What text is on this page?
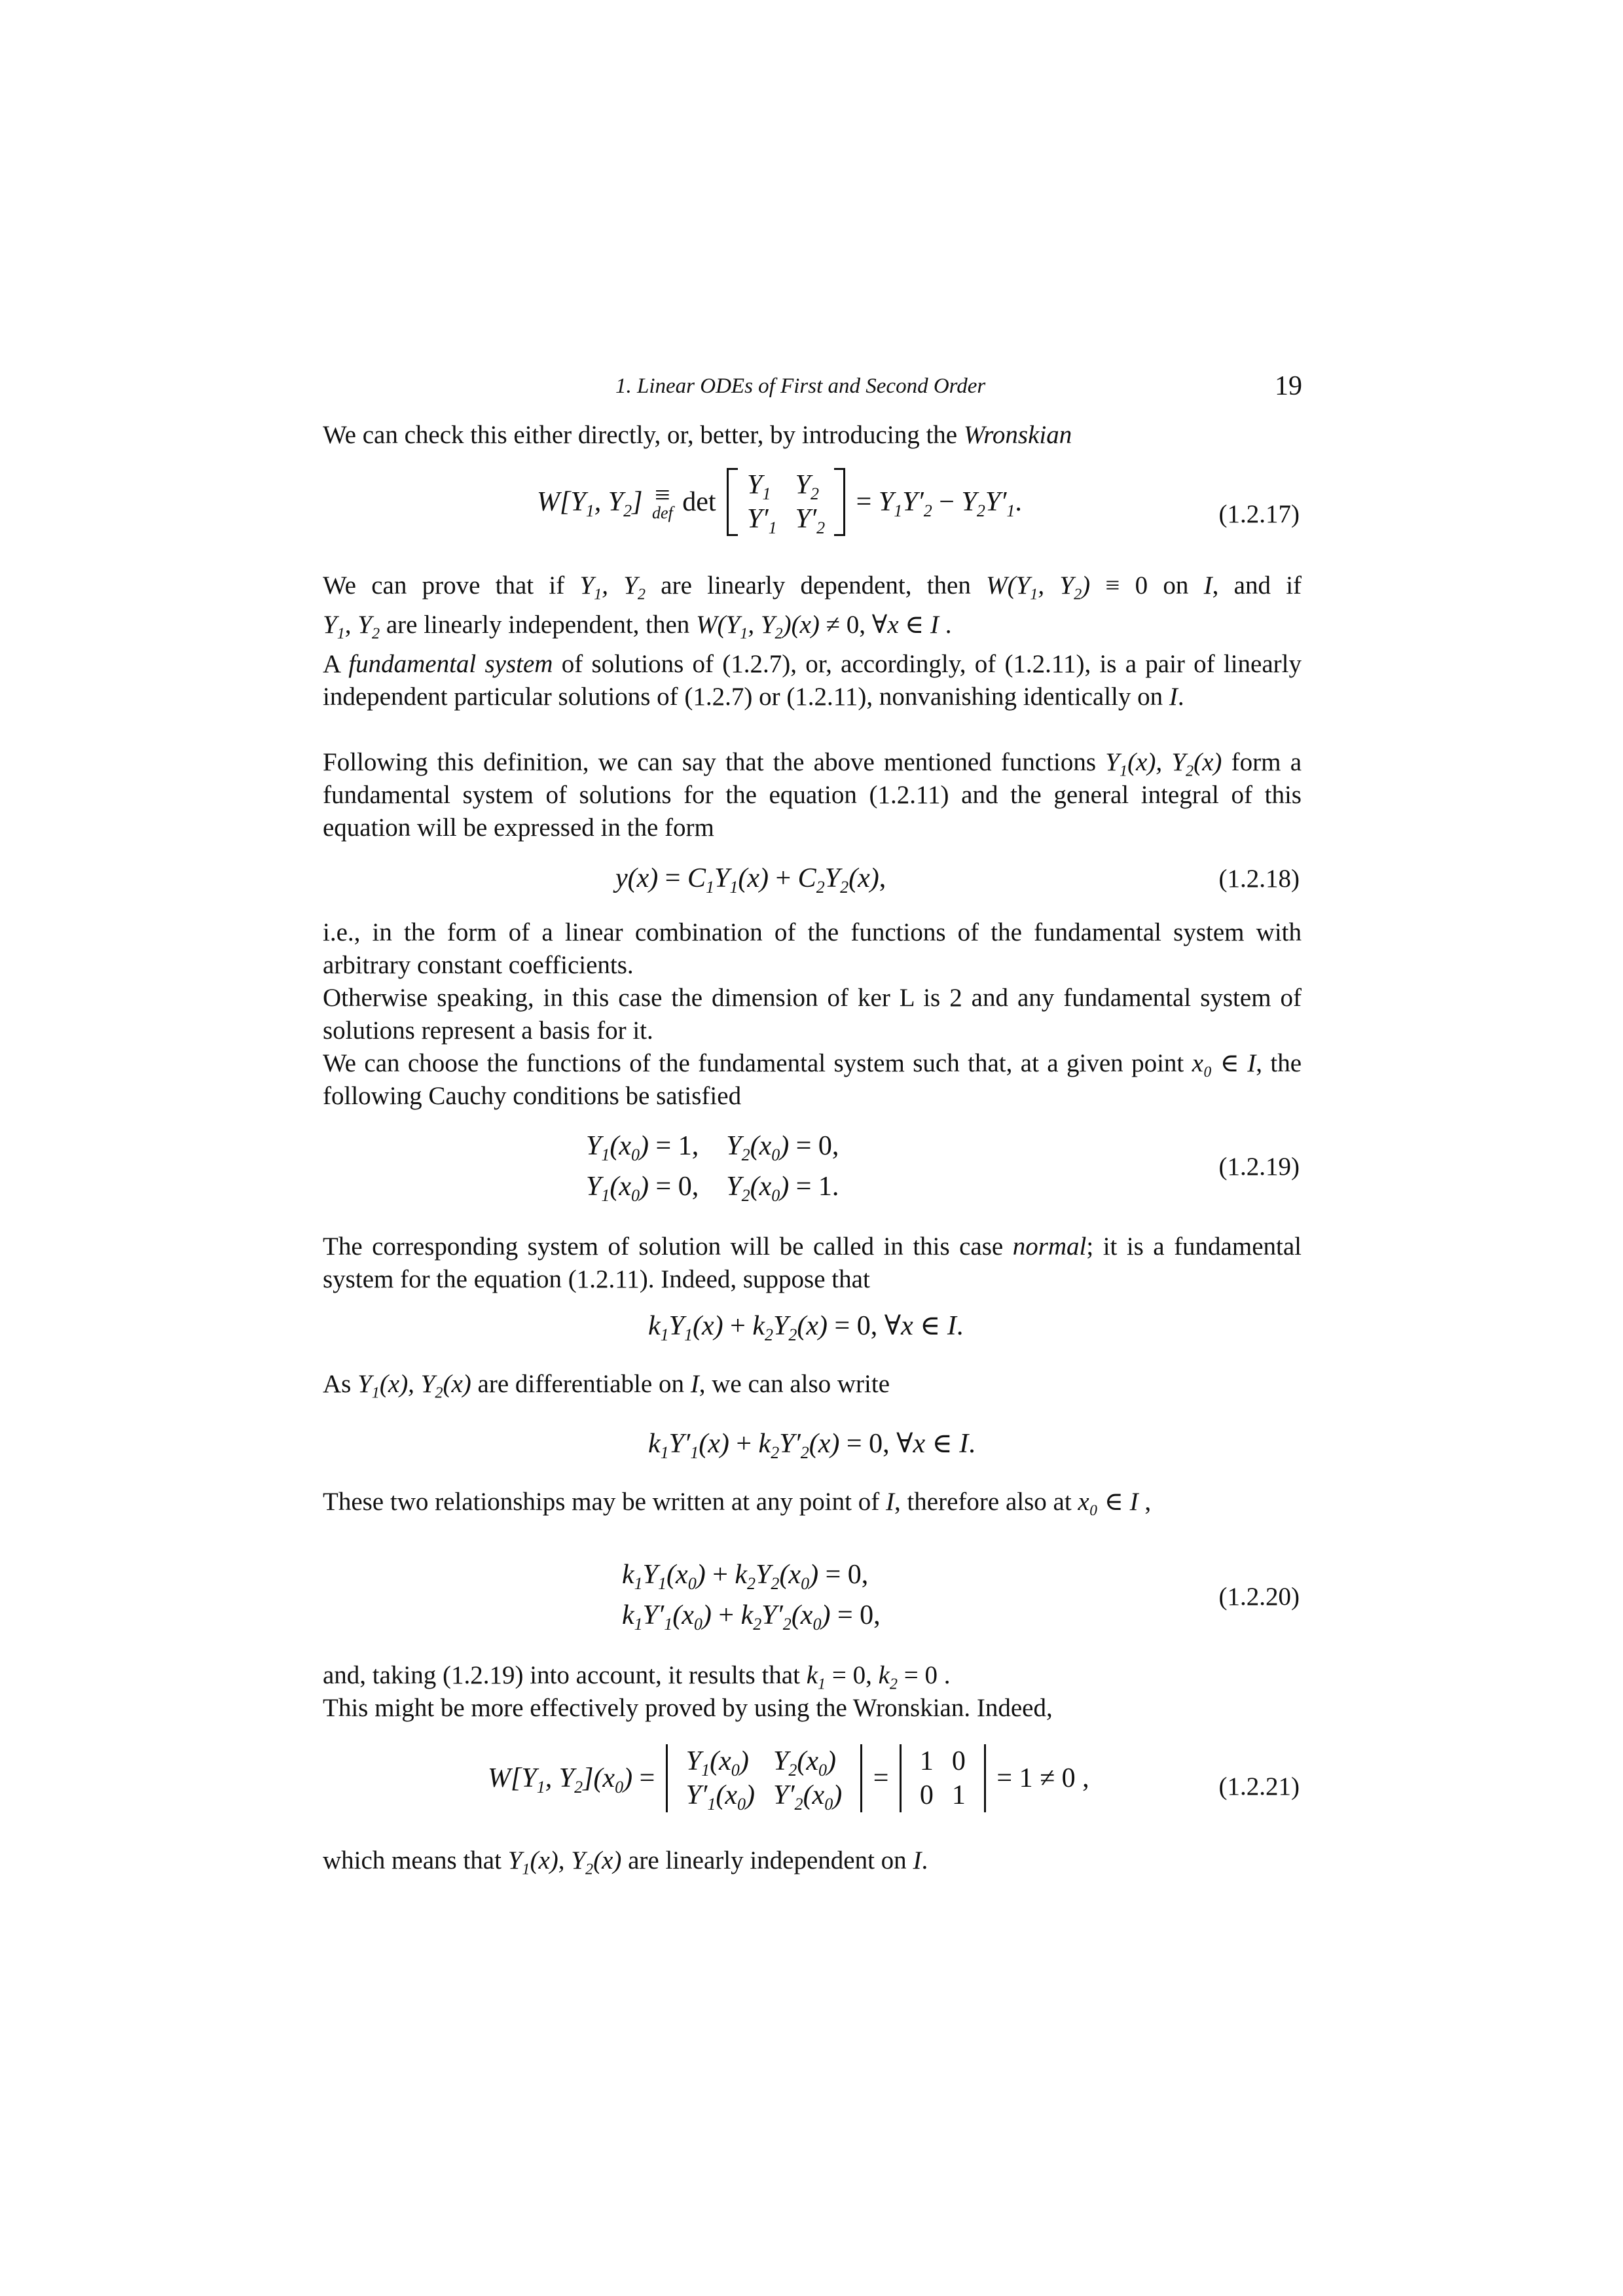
1. Linear ODEs of First and Second Order	19
We can check this either directly, or, better, by introducing the Wronskian
$W[Y_1$, $Y_2$] ≡
def det
$Y_1$	$Y_2$
$Y'_1$	$Y'_2$
= $Y_1Y'_2 - Y_2Y'_1$.	(1.2.17)
We can prove that if $Y_1$, $Y_2$ are linearly dependent, then $W(Y_1$, $Y_2) \equiv 0$ on I, and if
$Y_1$, $Y_2$ are linearly independent, then $W(Y_1$, $Y_2)(x) \ne 0$, ∀x ∈ I .
A fundamental system of solutions of (1.2.7), or, accordingly, of (1.2.11), is a pair of linearly independent particular solutions of (1.2.7) or (1.2.11), nonvanishing identically on I.
Following this definition, we can say that the above mentioned functions $Y_1(x)$, $Y_2(x)$ form a fundamental system of solutions for the equation (1.2.11) and the general integral of this equation will be expressed in the form
$y(x) = C_1Y_1(x) + C_2Y_2(x)$,	(1.2.18)
i.e., in the form of a linear combination of the functions of the fundamental system with arbitrary constant coefficients.
Otherwise speaking, in this case the dimension of ker L is 2 and any fundamental system of solutions represent a basis for it.
We can choose the functions of the fundamental system such that, at a given point x₀ ∈ I, the following Cauchy conditions be satisfied
$Y_1(x_0) = 1$,    $Y_2(x_0) = 0$,
$Y_1(x_0) = 0$,    $Y_2(x_0) = 1$.
(1.2.19)
The corresponding system of solution will be called in this case normal; it is a fundamental system for the equation (1.2.11). Indeed, suppose that
$k_1Y_1(x) + k_2Y_2(x) = 0$, ∀x ∈ I.
As $Y_1(x)$, $Y_2(x)$ are differentiable on I, we can also write
$k_1Y'_1(x) + k_2Y'_2(x) = 0$, ∀x ∈ I.
These two relationships may be written at any point of I, therefore also at x₀ ∈ I ,
$k_1Y_1(x_0) + k_2Y_2(x_0) = 0$,
$k_1Y'_1(x_0) + k_2Y'_2(x_0) = 0$,
(1.2.20)
and, taking (1.2.19) into account, it results that $k_1 = 0$, $k_2 = 0$ .
This might be more effectively proved by using the Wronskian. Indeed,
$W[Y_1$, $Y_2](x_0)$ =
$Y_1(x_0)$	$Y_2(x_0)$
$Y'_1(x_0)$	$Y'_2(x_0)$
=
1	0
0	1
= 1 ≠ 0 ,	(1.2.21)
which means that $Y_1(x)$, $Y_2(x)$ are linearly independent on I.
